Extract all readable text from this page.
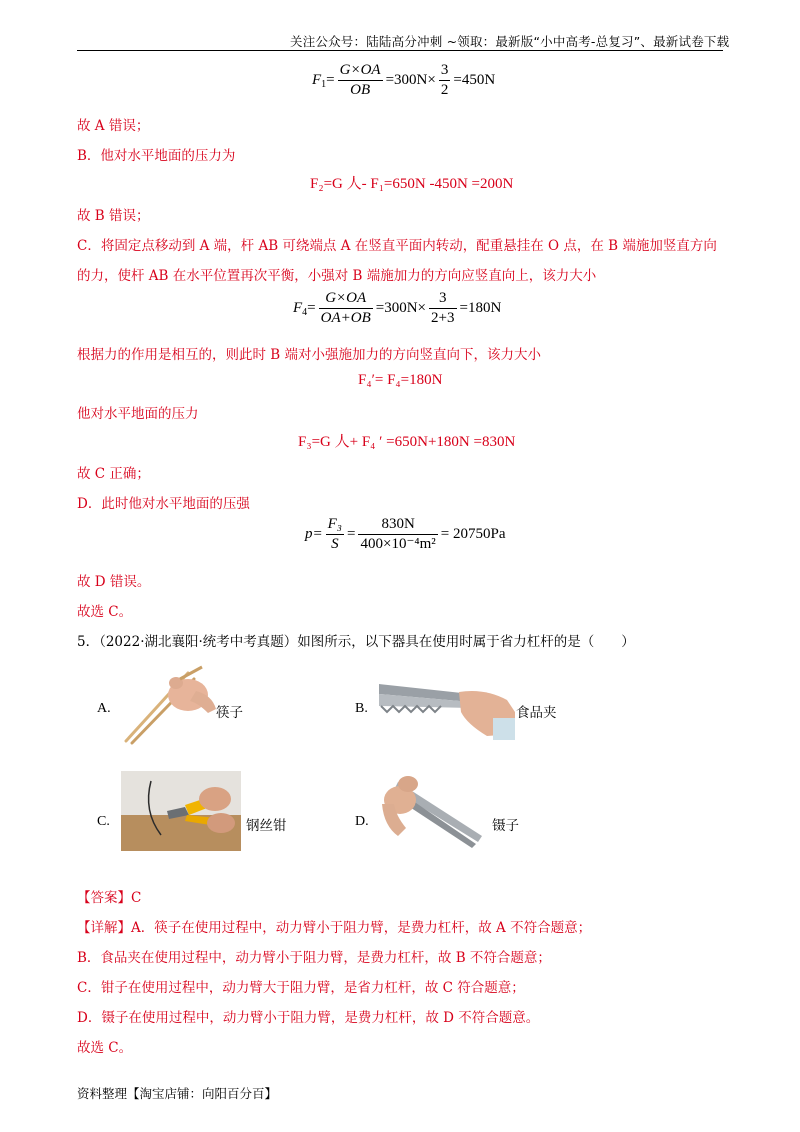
关注公众号：陆陆高分冲刺 ~领取：最新版“小中高考-总复习”、最新试卷下载
$F_1= \frac{G\times OA}{OB} =300N\times \frac{3}{2} =450N$
故 A 错误；
B．他对水平地面的压力为
F₂=G 人- F₁=650N -450N =200N
故 B 错误；
C．将固定点移动到 A 端，杆 AB 可绕端点 A 在竖直平面内转动，配重悬挂在 O 点，在 B 端施加竖直方向
的力，使杆 AB 在水平位置再次平衡，小强对 B 端施加力的方向应竖直向上，该力大小
$F_4= \frac{G\times OA}{OA+OB} =300N\times \frac{3}{2+3} =180N$
根据力的作用是相互的，则此时 B 端对小强施加力的方向竖直向下，该力大小
F₄′= F₄=180N
他对水平地面的压力
F₃=G 人+ F₄ ′ =650N+180N =830N
故 C 正确；
D．此时他对水平地面的压强
$p= \frac{\text{F₃}}{S} = \frac{830N}{\text{400×10⁻⁴m²}} = 20750Pa$
故 D 错误。
故选 C。
5．（2022·湖北襄阳·统考中考真题）如图所示，以下器具在使用时属于省力杠杆的是（　　）
A.	筷子	B.	食品夹
C.	钢丝钳	D.	镊子
【答案】C
【详解】A．筷子在使用过程中，动力臂小于阻力臂，是费力杠杆，故 A 不符合题意；
B．食品夹在使用过程中，动力臂小于阻力臂，是费力杠杆，故 B 不符合题意；
C．钳子在使用过程中，动力臂大于阻力臂，是省力杠杆，故 C 符合题意；
D．镊子在使用过程中，动力臂小于阻力臂，是费力杠杆，故 D 不符合题意。
故选 C。
资料整理【淘宝店铺：向阳百分百】
